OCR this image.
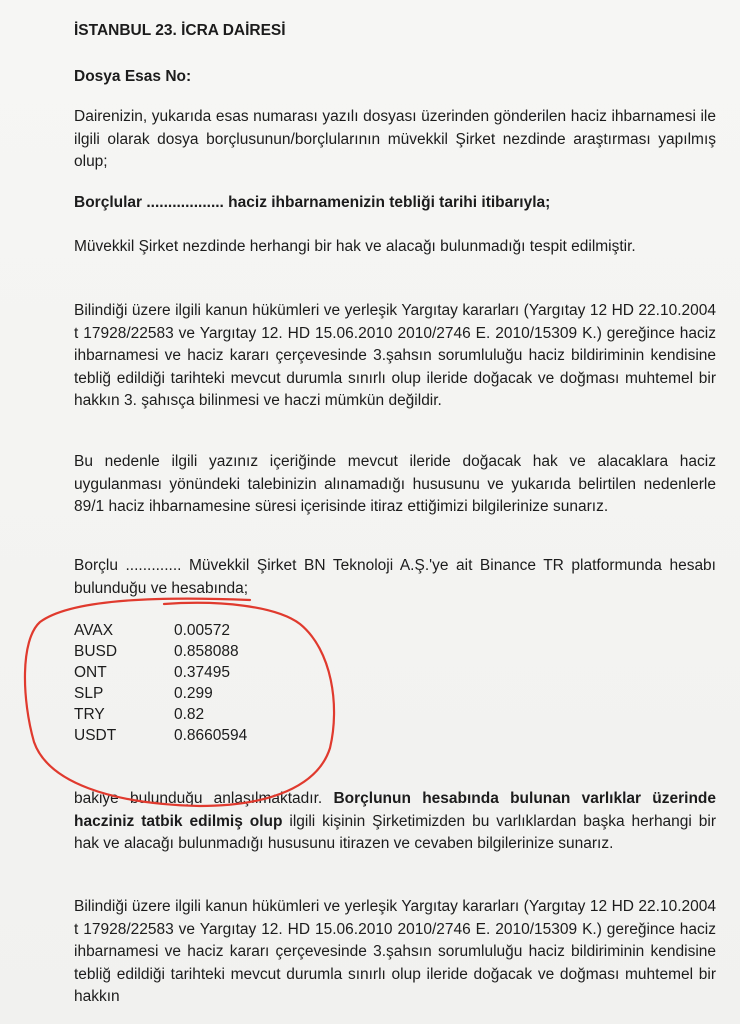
İSTANBUL 23. İCRA DAİRESİ
Dosya Esas No:
Dairenizin, yukarıda esas numarası yazılı dosyası üzerinden gönderilen haciz ihbarnamesi ile ilgili olarak dosya borçlusunun/borçlularının müvekkil Şirket nezdinde araştırması yapılmış olup;
Borçlular .................. haciz ihbarnamenizin tebliği tarihi itibarıyla;
Müvekkil Şirket nezdinde herhangi bir hak ve alacağı bulunmadığı tespit edilmiştir.
Bilindiği üzere ilgili kanun hükümleri ve yerleşik Yargıtay kararları (Yargıtay 12 HD 22.10.2004 t 17928/22583 ve Yargıtay 12. HD 15.06.2010 2010/2746 E. 2010/15309 K.) gereğince haciz ihbarnamesi ve haciz kararı çerçevesinde 3.şahsın sorumluluğu haciz bildiriminin kendisine tebliğ edildiği tarihteki mevcut durumla sınırlı olup ileride doğacak ve doğması muhtemel bir hakkın 3. şahısça bilinmesi ve haczi mümkün değildir.
Bu nedenle ilgili yazınız içeriğinde mevcut ileride doğacak hak ve alacaklara haciz uygulanması yönündeki talebinizin alınamadığı hususunu ve yukarıda belirtilen nedenlerle 89/1 haciz ihbarnamesine süresi içerisinde itiraz ettiğimizi bilgilerinize sunarız.
Borçlu ............. Müvekkil Şirket BN Teknoloji A.Ş.'ye ait Binance TR platformunda hesabı bulunduğu ve hesabında;
AVAX	0.00572
BUSD	0.858088
ONT	0.37495
SLP	0.299
TRY	0.82
USDT	0.8660594
bakiye bulunduğu anlaşılmaktadır. Borçlunun hesabında bulunan varlıklar üzerinde hacziniz tatbik edilmiş olup ilgili kişinin Şirketimizden bu varlıklardan başka herhangi bir hak ve alacağı bulunmadığı hususunu itirazen ve cevaben bilgilerinize sunarız.
Bilindiği üzere ilgili kanun hükümleri ve yerleşik Yargıtay kararları (Yargıtay 12 HD 22.10.2004 t 17928/22583 ve Yargıtay 12. HD 15.06.2010 2010/2746 E. 2010/15309 K.) gereğince haciz ihbarnamesi ve haciz kararı çerçevesinde 3.şahsın sorumluluğu haciz bildiriminin kendisine tebliğ edildiği tarihteki mevcut durumla sınırlı olup ileride doğacak ve doğması muhtemel bir hakkın
